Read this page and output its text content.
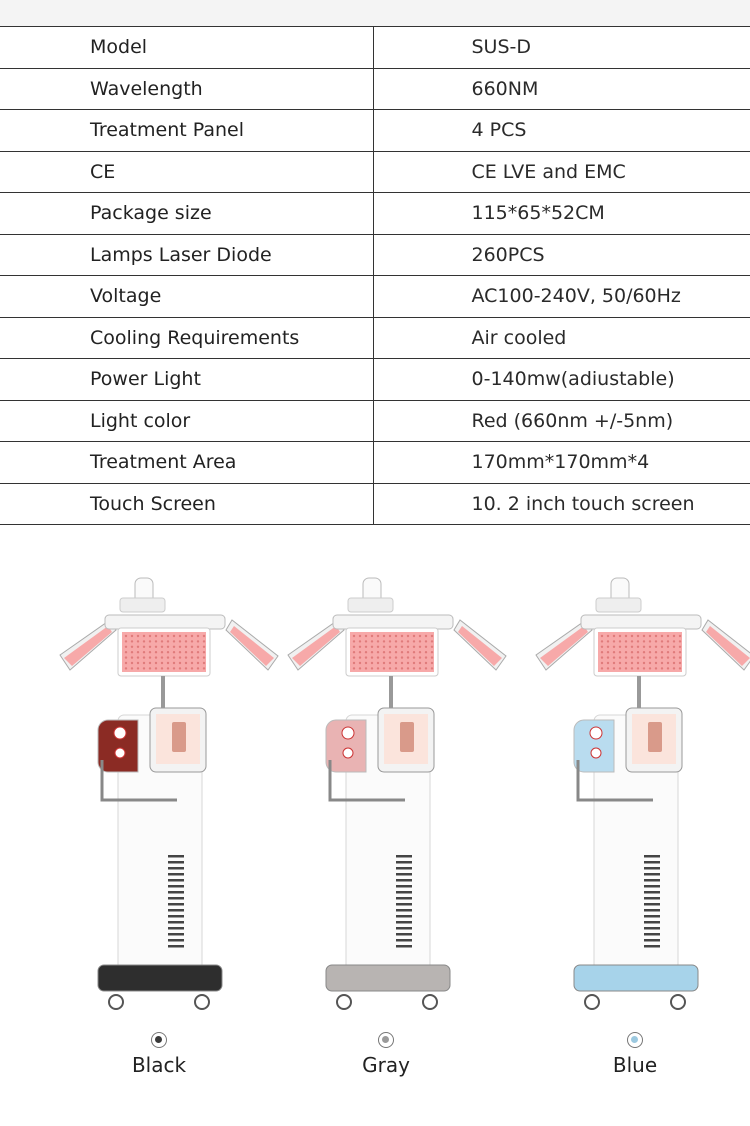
Model	SUS-D
Wavelength	660NM
Treatment Panel	4 PCS
CE	CE LVE and EMC
Package size	115*65*52CM
Lamps Laser Diode	260PCS
Voltage	AC100-240V, 50/60Hz
Cooling Requirements	Air cooled
Power Light	0-140mw(adiustable)
Light color	Red (660nm +/-5nm)
Treatment Area	170mm*170mm*4
Touch Screen	10. 2 inch touch screen
Black	Gray	Blue
